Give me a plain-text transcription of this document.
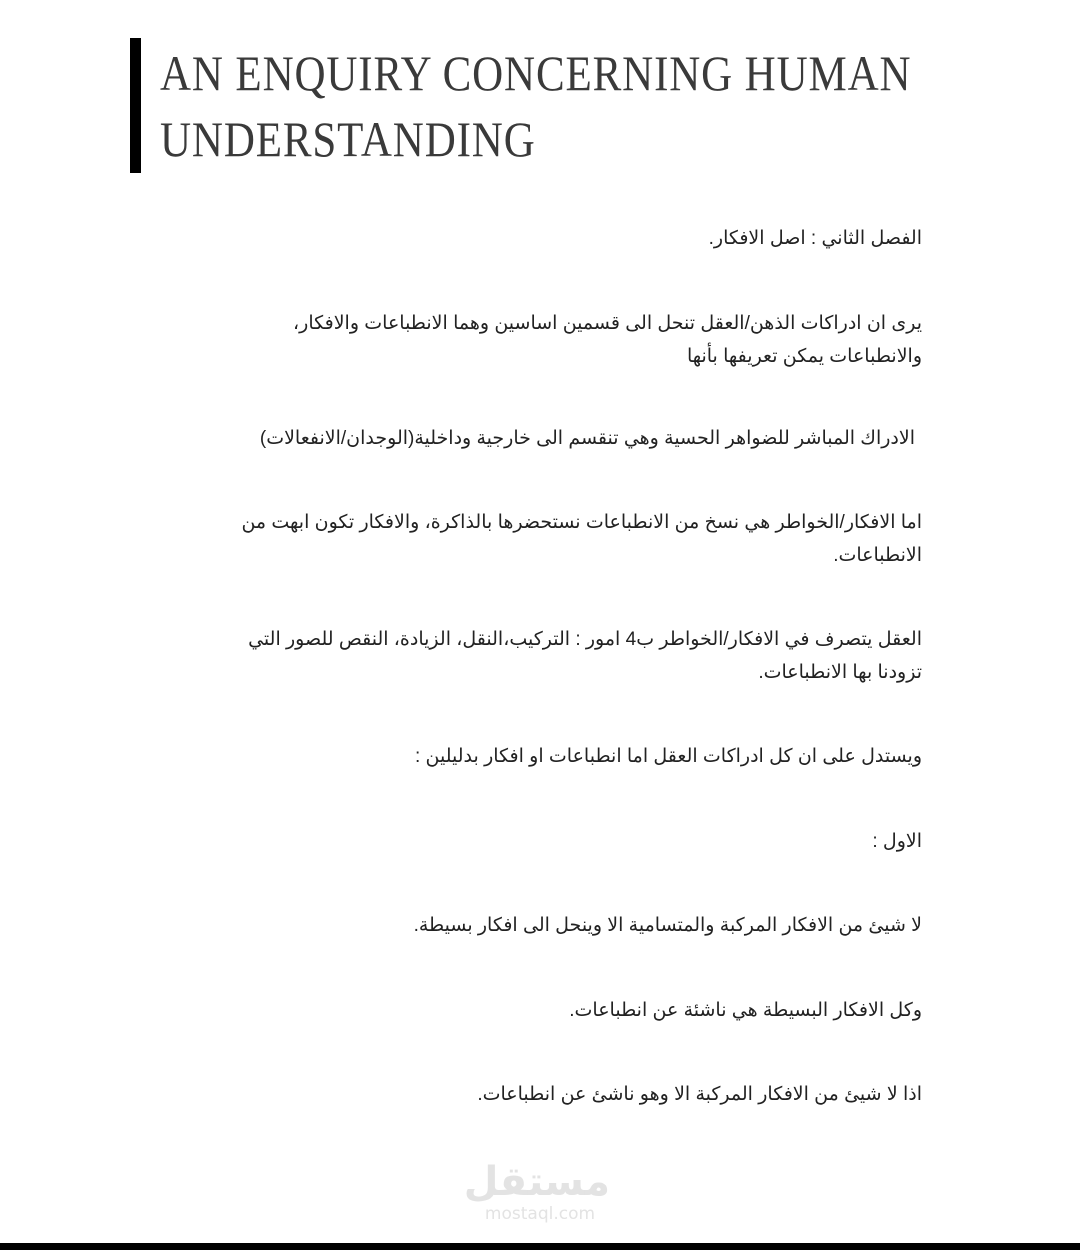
AN ENQUIRY CONCERNING HUMAN
UNDERSTANDING
الفصل الثاني : اصل الافكار.
يرى ان ادراكات الذهن/العقل تنحل الى قسمين اساسين وهما الانطباعات والافكار،
والانطباعات يمكن تعريفها بأنها
الادراك المباشر للضواهر الحسية وهي تنقسم الى خارجية وداخلية(الوجدان/الانفعالات)
اما الافكار/الخواطر هي نسخ من الانطباعات نستحضرها بالذاكرة، والافكار تكون ابهت من
الانطباعات.
العقل يتصرف في الافكار/الخواطر ب4 امور : التركيب،النقل، الزيادة، النقص للصور التي
تزودنا بها الانطباعات.
ويستدل على ان كل ادراكات العقل اما انطباعات او افكار بدليلين :
الاول :
لا شيئ من الافكار المركبة والمتسامية الا وينحل الى افكار بسيطة.
وكل الافكار البسيطة هي ناشئة عن انطباعات.
اذا لا شيئ من الافكار المركبة الا وهو ناشئ عن انطباعات.
مستقل
mostaql.com
